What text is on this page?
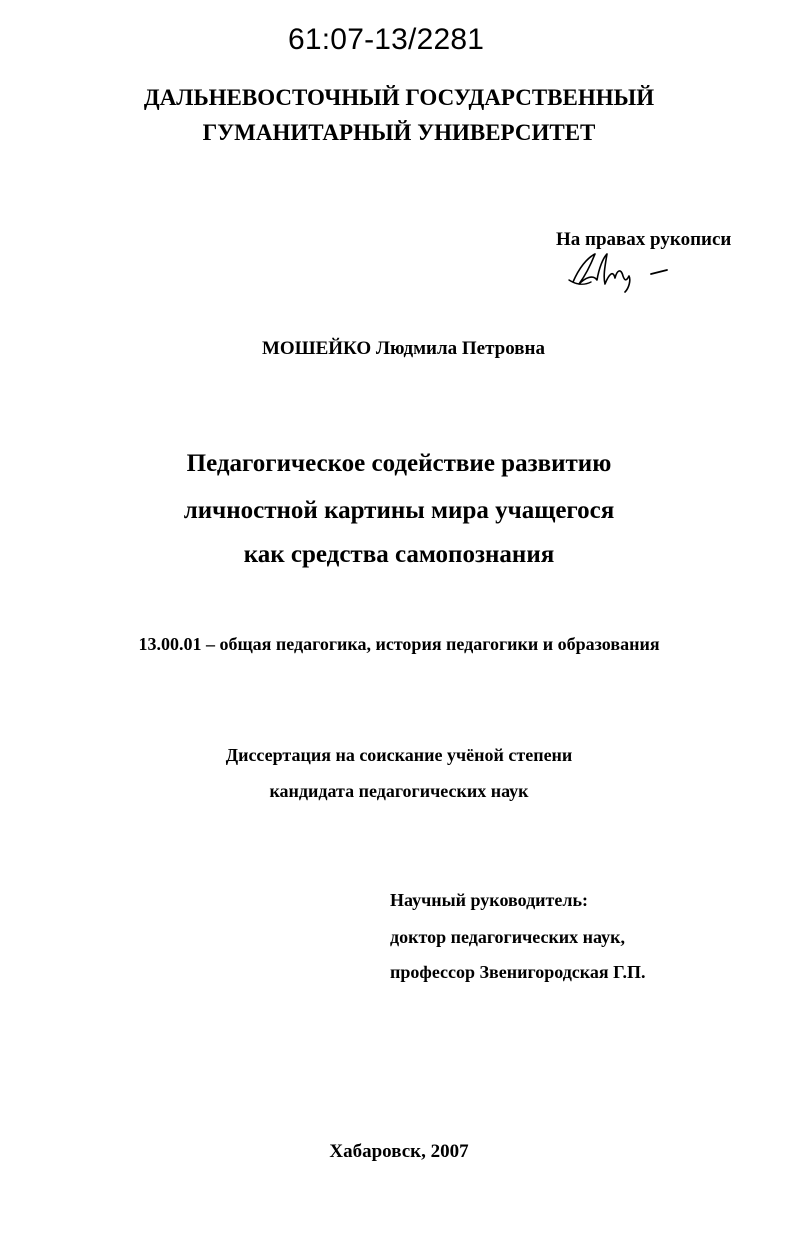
61:07-13/2281
ДАЛЬНЕВОСТОЧНЫЙ ГОСУДАРСТВЕННЫЙ
ГУМАНИТАРНЫЙ УНИВЕРСИТЕТ
На правах рукописи
МОШЕЙКО Людмила Петровна
Педагогическое содействие развитию
личностной картины мира учащегося
как средства самопознания
13.00.01 – общая педагогика, история педагогики и образования
Диссертация на соискание учёной степени
кандидата педагогических наук
Научный руководитель:
доктор педагогических наук,
профессор Звенигородская Г.П.
Хабаровск, 2007
